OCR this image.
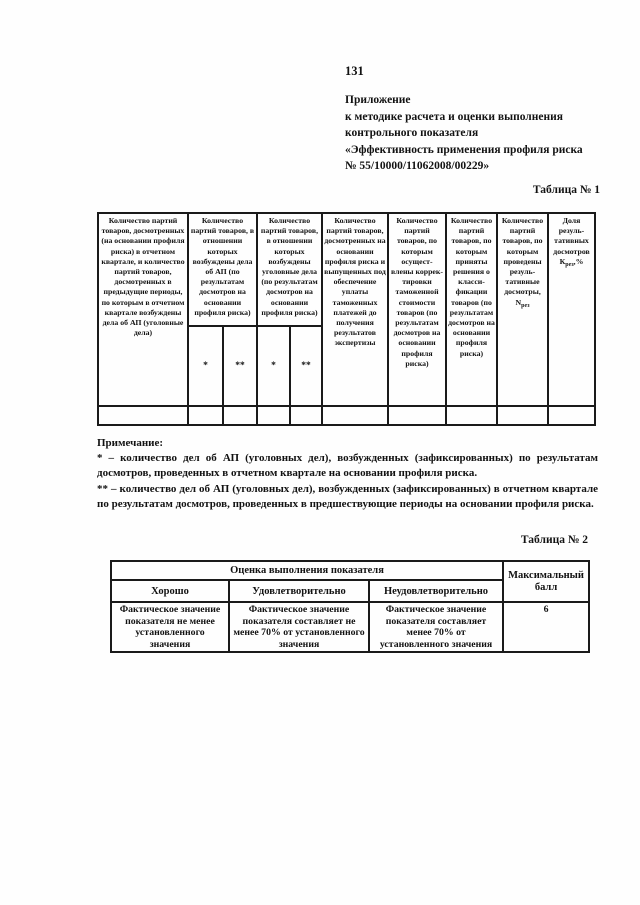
131
Приложение
к методике расчета и оценки выполнения
контрольного показателя
«Эффективность применения профиля риска
№ 55/10000/11062008/00229»
Таблица № 1
Количество партий товаров, досмотренных (на основании профиля риска) в отчетном квартале, и количество партий товаров, досмотренных в предыдущие периоды, по которым в отчетном квартале возбуждены дела об АП (уголовные дела)	Количество партий товаров, в отношении которых возбуждены дела об АП (по результатам досмотров на основании профиля риска)		Количество партий товаров, в отношении которых возбуждены уголовные дела (по результатам досмотров на основании профиля риска)		Количество партий товаров, досмотренных на основании профиля риска и выпущенных под обеспечение уплаты таможенных платежей до получения результатов экспертизы	Количество партий товаров, по которым осущест- влены коррек- тировки таможенной стоимости товаров (по результатам досмотров на основании профиля риска)	Количество партий товаров, по которым приняты решения о класси- фикации товаров (по результатам досмотров на основании профиля риска)	Количество партий товаров, по которым проведены резуль- тативные досмотры, $N_{рез}$	Доля резуль- тативных досмотров $К_{рез},\%$
	*	**	*	**					

Примечание:

* – количество дел об АП (уголовных дел), возбужденных (зафиксированных) по результатам досмотров, проведенных в отчетном квартале на основании профиля риска.

** – количество дел об АП (уголовных дел), возбужденных (зафиксированных) в отчетном квартале по результатам досмотров, проведенных в предшествующие периоды на основании профиля риска.

Таблица № 2
Оценка выполнения показателя			Максимальный балл
Хорошо	Удовлетворительно	Неудовлетворительно	
Фактическое значение показателя не менее установленного значения	Фактическое значение показателя составляет не менее 70% от установленного значения	Фактическое значение показателя составляет менее 70% от установленного значения	6
